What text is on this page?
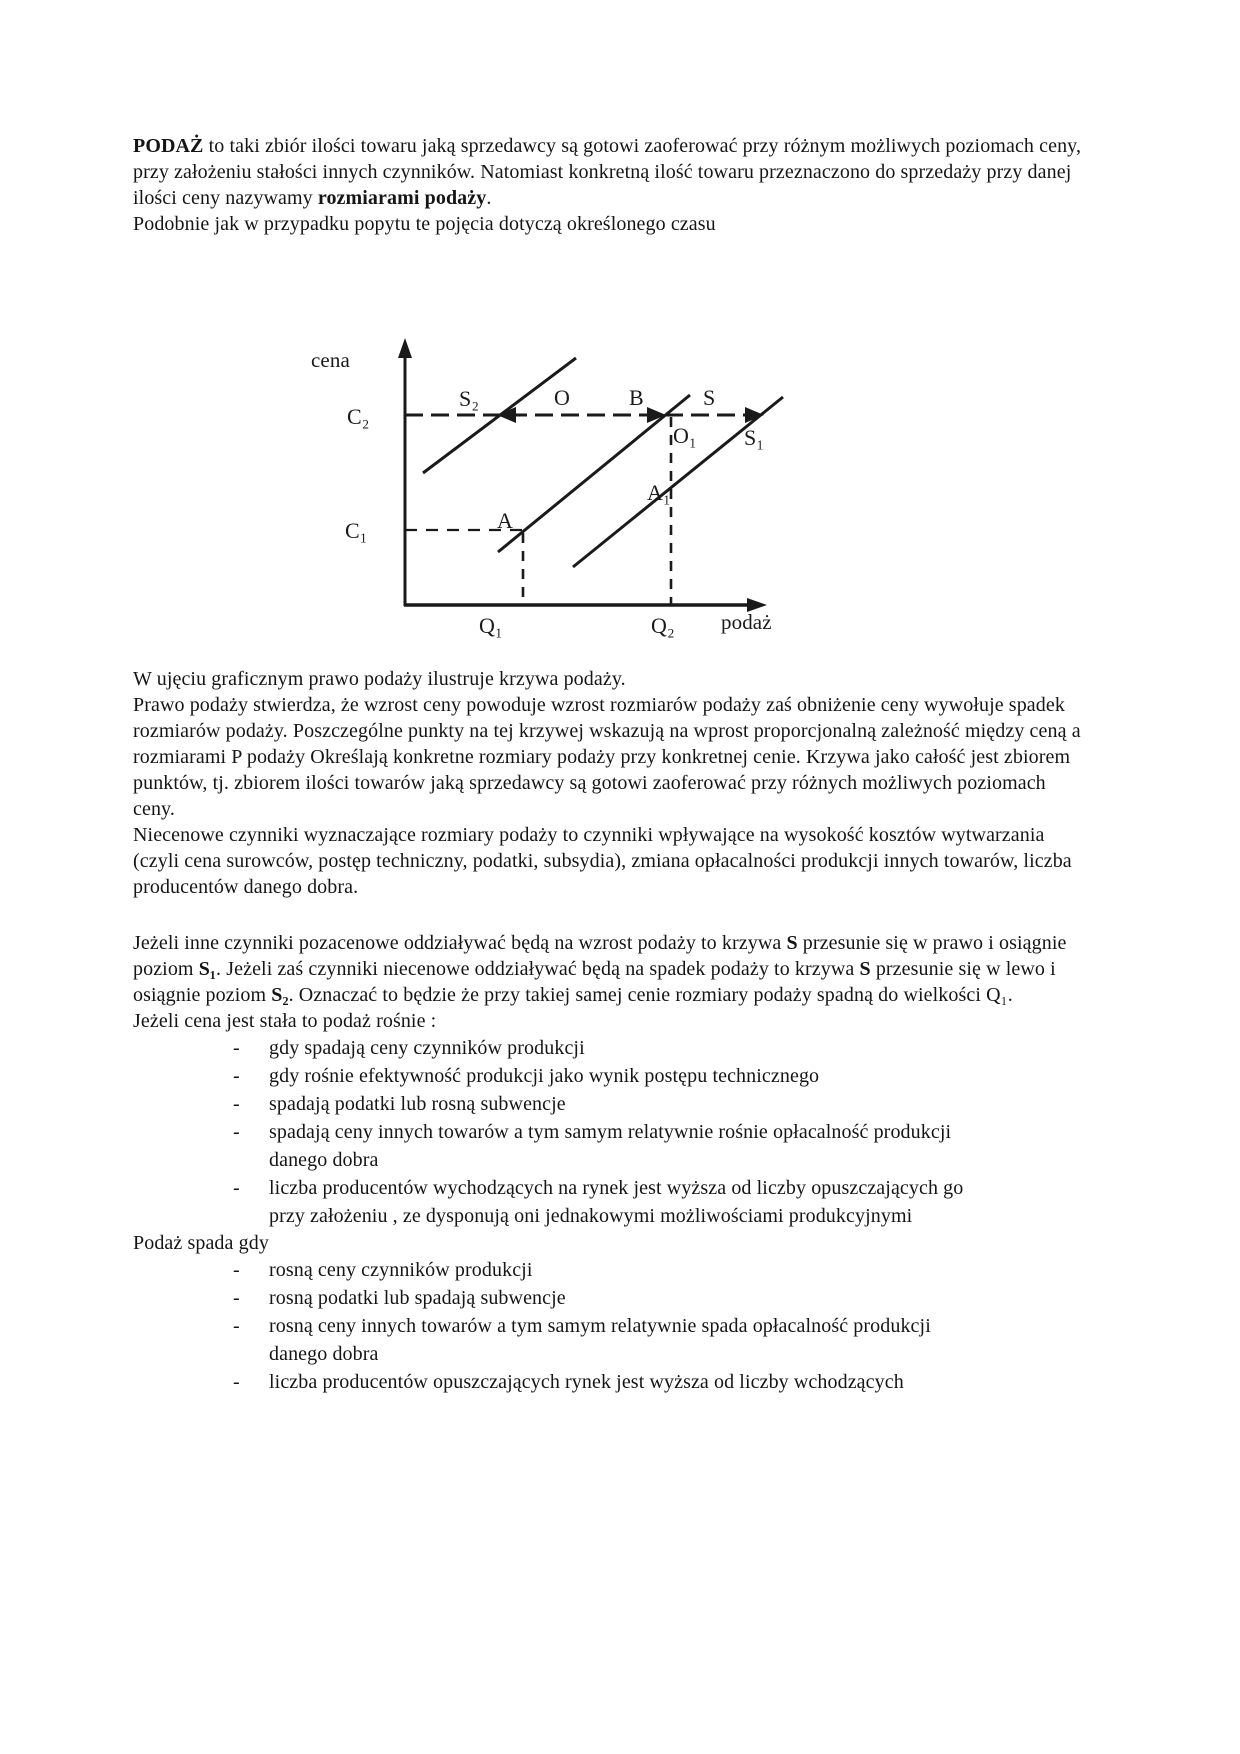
PODAŻ to taki zbiór ilości towaru jaką sprzedawcy są gotowi zaoferować przy różnym możliwych poziomach ceny, przy założeniu stałości innych czynników. Natomiast konkretną ilość towaru przeznaczono do sprzedaży przy danej ilości ceny nazywamy rozmiarami podaży.

Podobnie jak w przypadku popytu te pojęcia dotyczą określonego czasu

cena
podaż
C₂
C₁
S₂	O	B	S
O₁ S₁
A
A₁
Q₁	Q₂

W ujęciu graficznym prawo podaży ilustruje krzywa podaży.

Prawo podaży stwierdza, że wzrost ceny powoduje wzrost rozmiarów podaży zaś obniżenie ceny wywołuje spadek rozmiarów podaży. Poszczególne punkty na tej krzywej wskazują na wprost proporcjonalną zależność między ceną a rozmiarami P podaży Określają konkretne rozmiary podaży przy konkretnej cenie. Krzywa jako całość jest zbiorem punktów, tj. zbiorem ilości towarów jaką sprzedawcy są gotowi zaoferować przy różnych możliwych poziomach ceny.

Niecenowe czynniki wyznaczające rozmiary podaży to czynniki wpływające na wysokość kosztów wytwarzania (czyli cena surowców, postęp techniczny, podatki, subsydia), zmiana opłacalności produkcji innych towarów, liczba producentów danego dobra.

Jeżeli inne czynniki pozacenowe oddziaływać będą na wzrost podaży to krzywa S przesunie się w prawo i osiągnie poziom S₁. Jeżeli zaś czynniki niecenowe oddziaływać będą na spadek podaży to krzywa S przesunie się w lewo i osiągnie poziom S₂. Oznaczać to będzie że przy takiej samej cenie rozmiary podaży spadną do wielkości Q₁.

Jeżeli cena jest stała to podaż rośnie :

-	gdy spadają ceny czynników produkcji
-	gdy rośnie efektywność produkcji jako wynik postępu technicznego
-	spadają podatki lub rosną subwencje
-	spadają ceny innych towarów a tym samym relatywnie rośnie opłacalność produkcji danego dobra
-	liczba producentów wychodzących na rynek jest wyższa od liczby opuszczających go przy założeniu , ze dysponują oni jednakowymi możliwościami produkcyjnymi

Podaż spada gdy

-	rosną ceny czynników produkcji
-	rosną podatki lub spadają subwencje
-	rosną ceny innych towarów a tym samym relatywnie spada opłacalność produkcji danego dobra
-	liczba producentów opuszczających rynek jest wyższa od liczby wchodzących
